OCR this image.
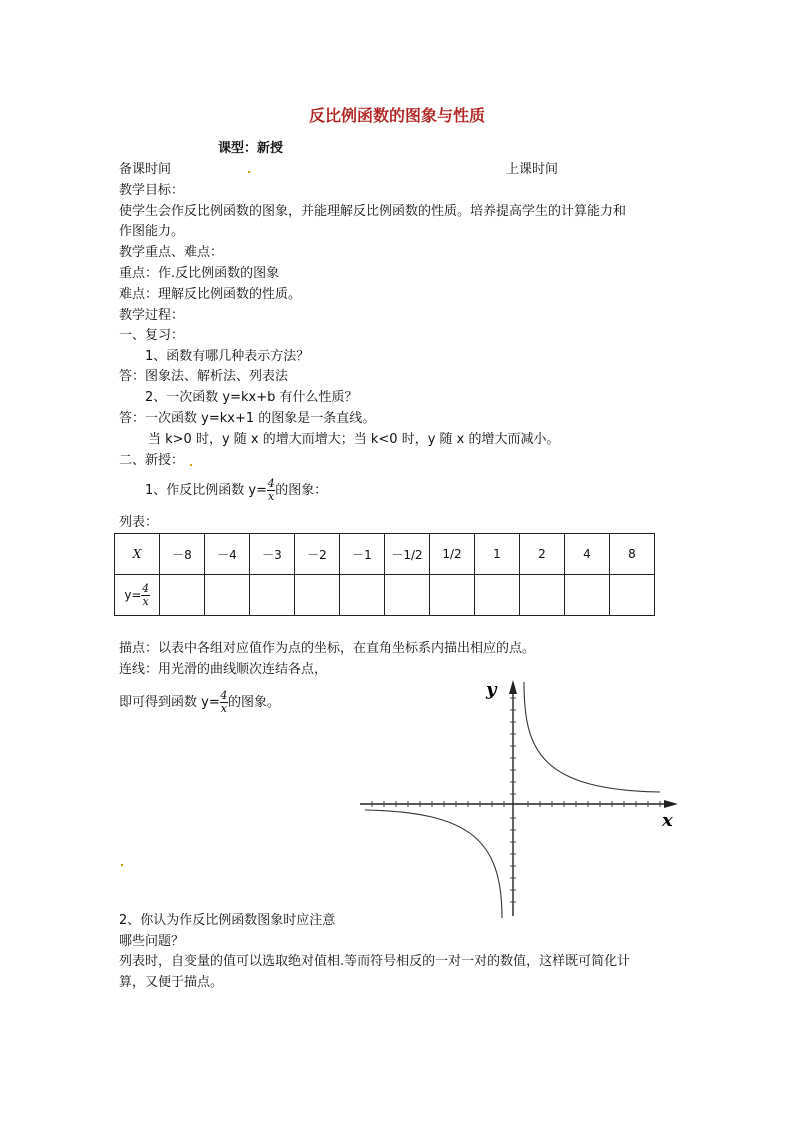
反比例函数的图象与性质
课型：新授
备课时间	上课时间
教学目标：
使学生会作反比例函数的图象，并能理解反比例函数的性质。培养提高学生的计算能力和
作图能力。
教学重点、难点：
重点：作.反比例函数的图象
难点：理解反比例函数的性质。
教学过程：
一、复习：
1、函数有哪几种表示方法？
答：图象法、解析法、列表法
2、一次函数 y=kx+b 有什么性质？
答：一次函数 y=kx+1 的图象是一条直线。
当 k>0 时，y 随 x 的增大而增大；当 k<0 时，y 随 x 的增大而减小。
二、新授：
1、作反比例函数 $y= \frac{4}{x}$ 的图象：
列表：
X	－8	－4	－3	－2	－1	－1/2	1/2	1	2	4	8

$y= \frac{4}{x}$

描点：以表中各组对应值作为点的坐标，在直角坐标系内描出相应的点。
连线：用光滑的曲线顺次连结各点，
即可得到函数 $y= \frac{4}{x}$ 的图象。
y
x
2、你认为作反比例函数图象时应注意
哪些问题？
列表时，自变量的值可以选取绝对值相.等而符号相反的一对一对的数值，这样既可简化计
算，又便于描点。
